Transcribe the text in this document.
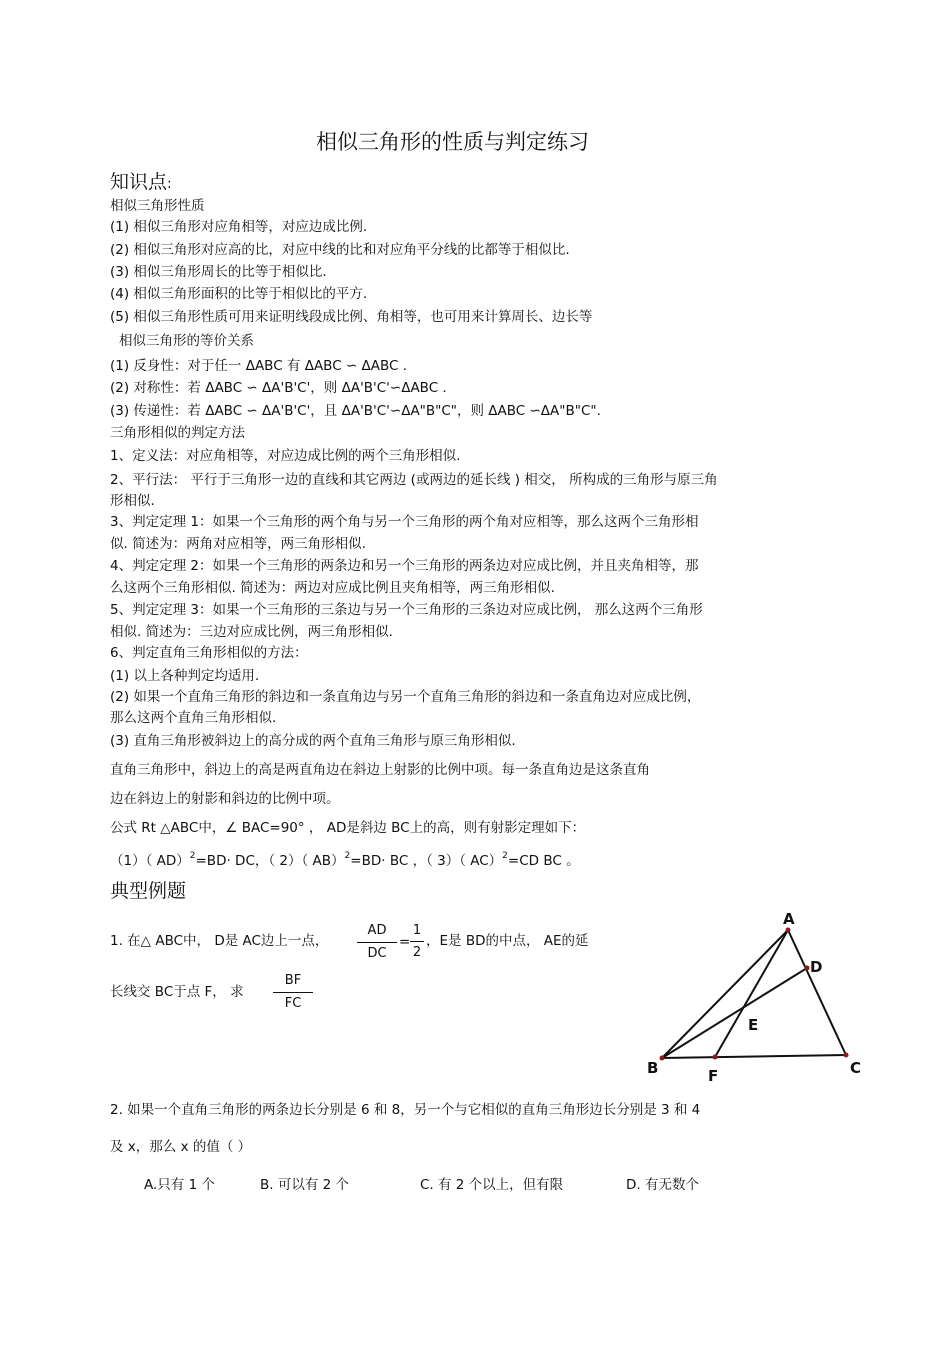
相似三角形的性质与判定练习
知识点:
相似三角形性质
(1) 相似三角形对应角相等，对应边成比例.
(2) 相似三角形对应高的比，对应中线的比和对应角平分线的比都等于相似比.
(3) 相似三角形周长的比等于相似比.
(4) 相似三角形面积的比等于相似比的平方.
(5) 相似三角形性质可用来证明线段成比例、角相等，也可用来计算周长、边长等
相似三角形的等价关系
(1) 反身性：对于任一 ΔABC 有 ΔABC ∽ ΔABC .
(2) 对称性：若 ΔABC ∽ ΔA'B'C'，则 ΔA'B'C'∽ΔABC .
(3) 传递性：若 ΔABC ∽ ΔA'B'C'，且 ΔA'B'C'∽ΔA"B"C"，则 ΔABC ∽ΔA"B"C".
三角形相似的判定方法
1、定义法：对应角相等，对应边成比例的两个三角形相似.
2、平行法： 平行于三角形一边的直线和其它两边 (或两边的延长线 ) 相交， 所构成的三角形与原三角
形相似.
3、判定定理 1：如果一个三角形的两个角与另一个三角形的两个角对应相等，那么这两个三角形相
似. 简述为：两角对应相等，两三角形相似.
4、判定定理 2：如果一个三角形的两条边和另一个三角形的两条边对应成比例，并且夹角相等，那
么这两个三角形相似. 简述为：两边对应成比例且夹角相等，两三角形相似.
5、判定定理 3：如果一个三角形的三条边与另一个三角形的三条边对应成比例， 那么这两个三角形
相似. 简述为：三边对应成比例，两三角形相似.
6、判定直角三角形相似的方法：
(1) 以上各种判定均适用.
(2) 如果一个直角三角形的斜边和一条直角边与另一个直角三角形的斜边和一条直角边对应成比例，
那么这两个直角三角形相似.
(3) 直角三角形被斜边上的高分成的两个直角三角形与原三角形相似.
直角三角形中，斜边上的高是两直角边在斜边上射影的比例中项。每一条直角边是这条直角
边在斜边上的射影和斜边的比例中项。
公式 Rt △ABC中，∠ BAC=90° ， AD是斜边 BC上的高，则有射影定理如下：
（1）（ AD）$^2$=BD· DC，（ 2）（ AB）$^2$=BD· BC ，（ 3）（ AC）$^2$=CD BC 。
典型例题
1. 在△ ABC中， D是 AC边上一点，
AD
DC
=
1
2
，E是 BD的中点， AE的延
长线交 BC于点 F， 求
BF
FC
A
B	C
D
E
F
2. 如果一个直角三角形的两条边长分别是 6 和 8，另一个与它相似的直角三角形边长分别是 3 和 4
及 x，那么 x 的值（ ）
A.只有 1 个	B. 可以有 2 个	C. 有 2 个以上，但有限	D. 有无数个
